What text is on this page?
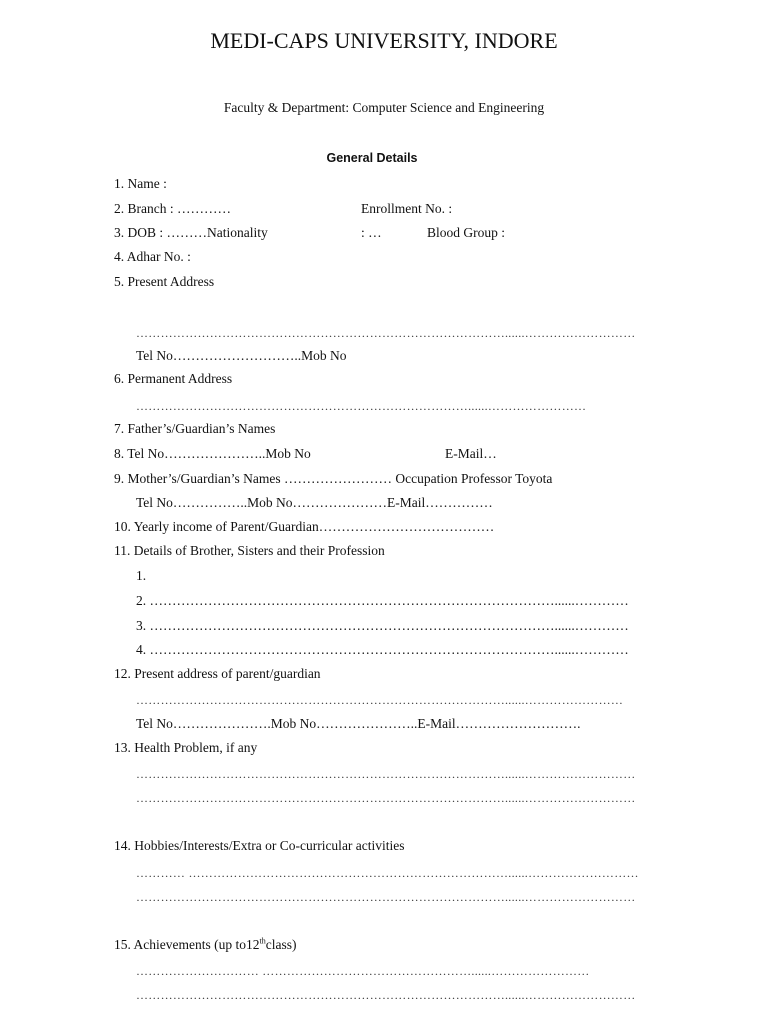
MEDI-CAPS UNIVERSITY, INDORE
Faculty & Department: Computer Science and Engineering
General Details
1. Name :
2. Branch : …………	Enrollment No. :
3. DOB : ………Nationality	: …	Blood Group :
4. Adhar No. :
5. Present Address
………………………………………………………………………………......………………………
Tel No………………………..Mob No
6. Permanent Address
………………………………………………………………………......……………………
7. Father’s/Guardian’s Names
8. Tel No…………………..Mob No	E-Mail…
9. Mother’s/Guardian’s Names …………………… Occupation Professor Toyota
Tel No……………..Mob No…………………E-Mail……………
10. Yearly income of Parent/Guardian…………………………………
11. Details of Brother, Sisters and their Profession
1.
2. ………………………………………………………………………………......…………
3. ………………………………………………………………………………......…………
4. ………………………………………………………………………………......…………
12. Present address of parent/guardian
………………………………………………………………………………......……………………
Tel No………………….Mob No…………………..E-Mail……………………….
13. Health Problem, if any
………………………………………………………………………………......………………………
………………………………………………………………………………......………………………
14. Hobbies/Interests/Extra or Co-curricular activities
………… ……………………………………………………………………......………………………
………………………………………………………………………………......………………………
15. Achievements (up to12thclass)
………………………… ……………………………………………......……………………
………………………………………………………………………………......………………………
